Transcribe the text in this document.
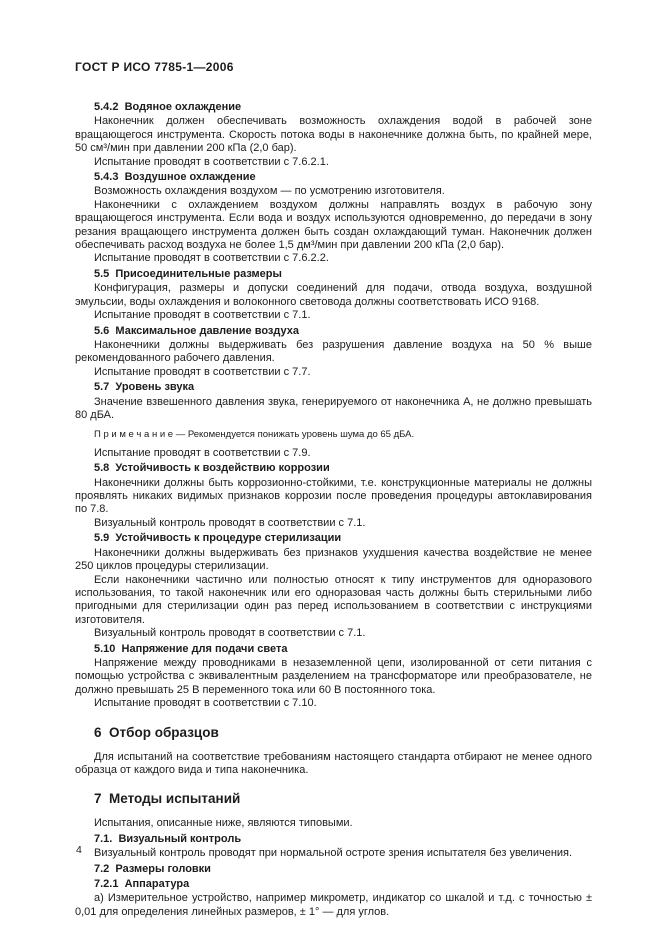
ГОСТ Р ИСО 7785-1—2006
5.4.2  Водяное охлаждение
Наконечник должен обеспечивать возможность охлаждения водой в рабочей зоне вращающегося инструмента. Скорость потока воды в наконечнике должна быть, по крайней мере, 50 см³/мин при давлении 200 кПа (2,0 бар).
Испытание проводят в соответствии с 7.6.2.1.
5.4.3  Воздушное охлаждение
Возможность охлаждения воздухом — по усмотрению изготовителя.
Наконечники с охлаждением воздухом должны направлять воздух в рабочую зону вращающегося инструмента. Если вода и воздух используются одновременно, до передачи в зону резания вращающего инструмента должен быть создан охлаждающий туман. Наконечник должен обеспечивать расход воздуха не более 1,5 дм³/мин при давлении 200 кПа (2,0 бар).
Испытание проводят в соответствии с 7.6.2.2.
5.5  Присоединительные размеры
Конфигурация, размеры и допуски соединений для подачи, отвода воздуха, воздушной эмульсии, воды охлаждения и волоконного световода должны соответствовать ИСО 9168.
Испытание проводят в соответствии с 7.1.
5.6  Максимальное давление воздуха
Наконечники должны выдерживать без разрушения давление воздуха на 50 % выше рекомендованного рабочего давления.
Испытание проводят в соответствии с 7.7.
5.7  Уровень звука
Значение взвешенного давления звука, генерируемого от наконечника А, не должно превышать 80 дБА.
П р и м е ч а н и е — Рекомендуется понижать уровень шума до 65 дБА.
Испытание проводят в соответствии с 7.9.
5.8  Устойчивость к воздействию коррозии
Наконечники должны быть коррозионно-стойкими, т.е. конструкционные материалы не должны проявлять никаких видимых признаков коррозии после проведения процедуры автоклавирования по 7.8.
Визуальный контроль проводят в соответствии с 7.1.
5.9  Устойчивость к процедуре стерилизации
Наконечники должны выдерживать без признаков ухудшения качества воздействие не менее 250 циклов процедуры стерилизации.
Если наконечники частично или полностью относят к типу инструментов для одноразового использования, то такой наконечник или его одноразовая часть должны быть стерильными либо пригодными для стерилизации один раз перед использованием в соответствии с инструкциями изготовителя.
Визуальный контроль проводят в соответствии с 7.1.
5.10  Напряжение для подачи света
Напряжение между проводниками в незаземленной цепи, изолированной от сети питания с помощью устройства с эквивалентным разделением на трансформаторе или преобразователе, не должно превышать 25 В переменного тока или 60 В постоянного тока.
Испытание проводят в соответствии с 7.10.
6  Отбор образцов
Для испытаний на соответствие требованиям настоящего стандарта отбирают не менее одного образца от каждого вида и типа наконечника.
7  Методы испытаний
Испытания, описанные ниже, являются типовыми.
7.1.  Визуальный контроль
Визуальный контроль проводят при нормальной остроте зрения испытателя без увеличения.
7.2  Размеры головки
7.2.1  Аппаратура
а) Измерительное устройство, например микрометр, индикатор со шкалой и т.д. с точностью ± 0,01 для определения линейных размеров, ± 1° — для углов.
4
